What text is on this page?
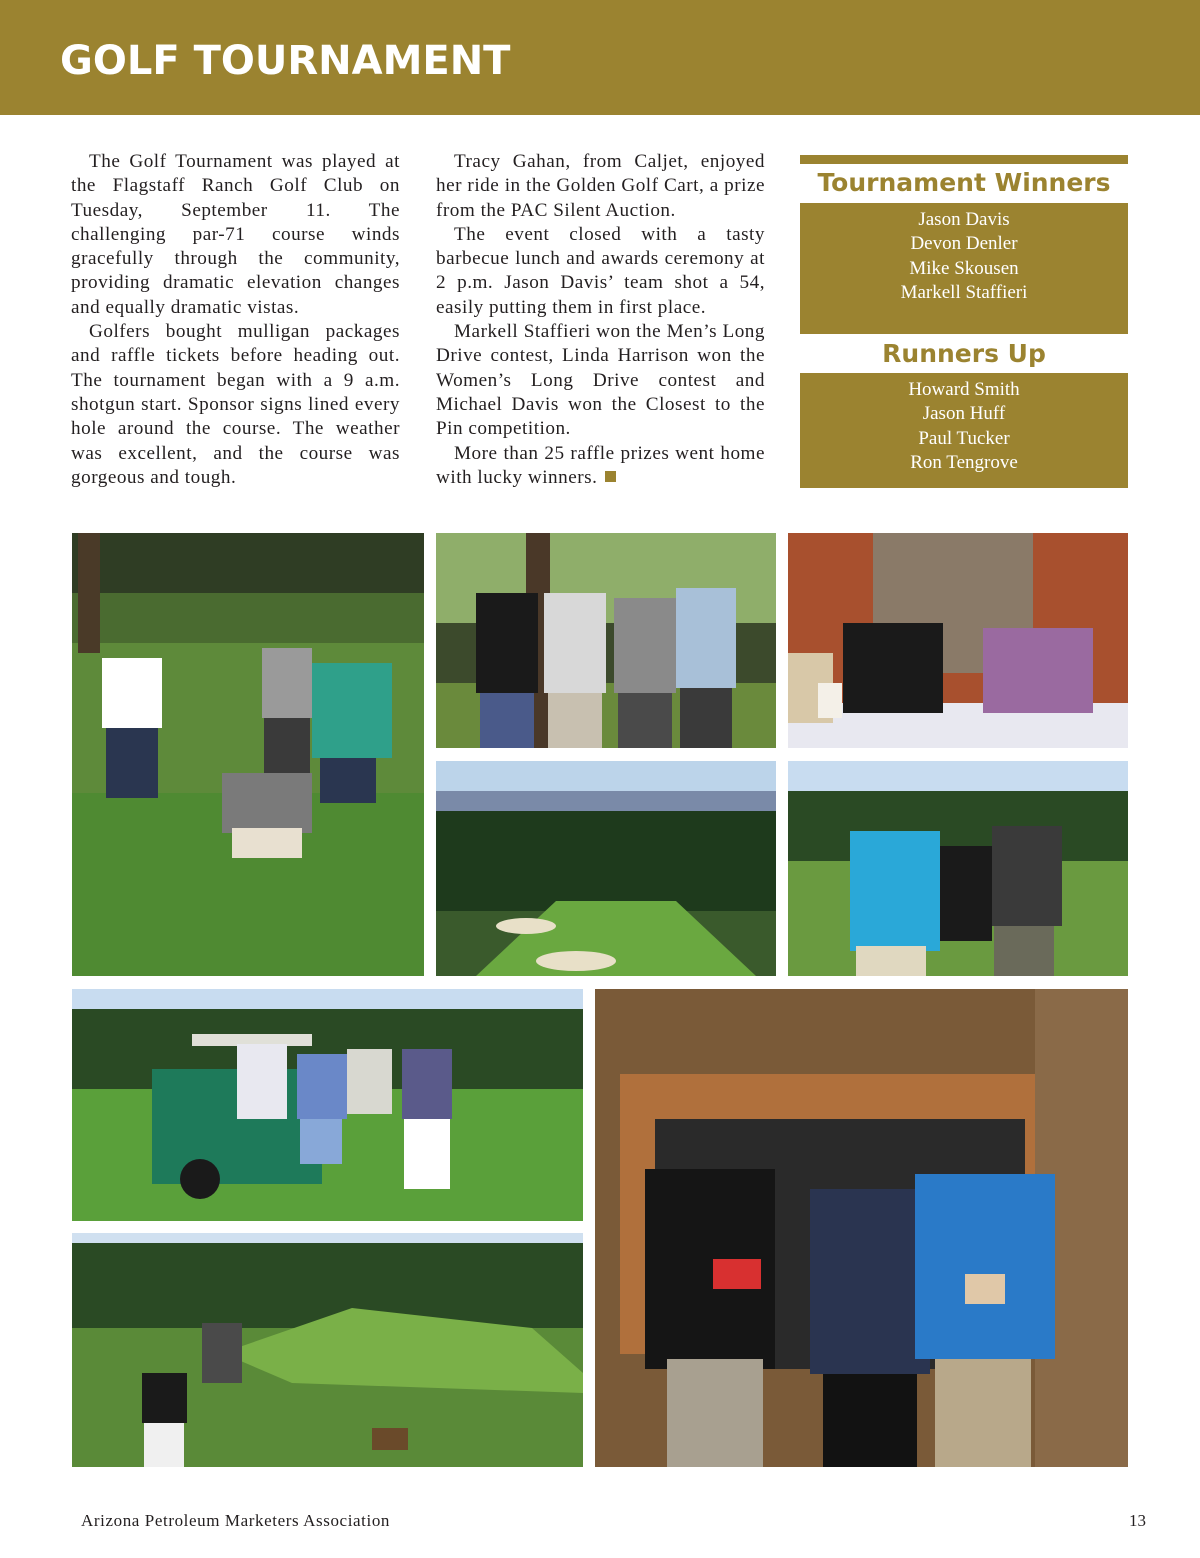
GOLF TOURNAMENT

The Golf Tournament was played at the Flagstaff Ranch Golf Club on Tuesday, September 11. The challenging par-71 course winds gracefully through the community, providing dramatic elevation changes and equally dramatic vistas.

Golfers bought mulligan packages and raffle tickets before heading out. The tournament began with a 9 a.m. shotgun start. Sponsor signs lined every hole around the course. The weather was excellent, and the course was gorgeous and tough.

Tracy Gahan, from Caljet, enjoyed her ride in the Golden Golf Cart, a prize from the PAC Silent Auction.

The event closed with a tasty barbecue lunch and awards ceremony at 2 p.m. Jason Davis’ team shot a 54, easily putting them in first place.

Markell Staffieri won the Men’s Long Drive contest, Linda Harrison won the Women’s Long Drive contest and Michael Davis won the Closest to the Pin competition.

More than 25 raffle prizes went home with lucky winners.

Tournament Winners
Jason Davis
Devon Denler
Mike Skousen
Markell Staffieri
Runners Up
Howard Smith
Jason Huff
Paul Tucker
Ron Tengrove
Arizona Petroleum Marketers Association	13
